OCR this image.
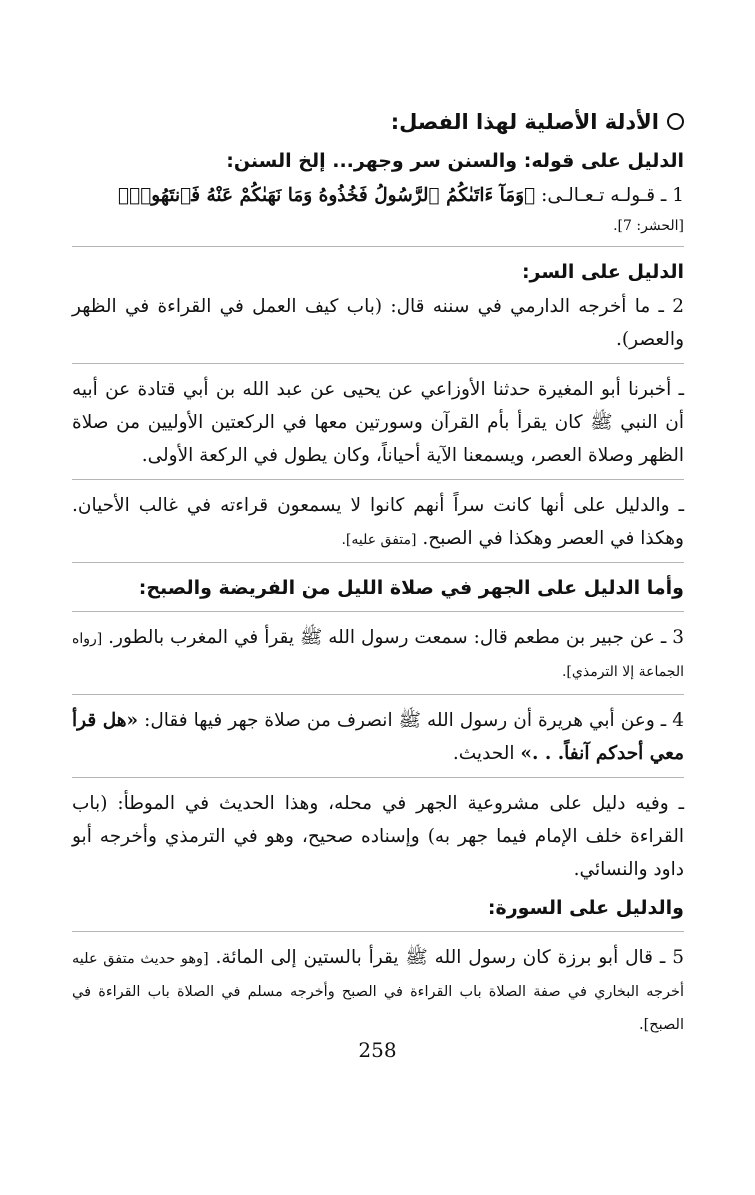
الأدلة الأصلية لهذا الفصل:
الدليل على قوله: والسنن سر وجهر... إلخ السنن:
1 ـ قـولـه تـعـالـى: ﴿وَمَآ ءَاتَىٰكُمُ ٱلرَّسُولُ فَخُذُوهُ وَمَا نَهَىٰكُمْ عَنْهُ فَٱنتَهُوا۟﴾
[الحشر: 7].
الدليل على السر:
2 ـ ما أخرجه الدارمي في سننه قال: (باب كيف العمل في القراءة في الظهر والعصر).
ـ أخبرنا أبو المغيرة حدثنا الأوزاعي عن يحيى عن عبد الله بن أبي قتادة عن أبيه أن النبي ﷺ كان يقرأ بأم القرآن وسورتين معها في الركعتين الأوليين من صلاة الظهر وصلاة العصر، ويسمعنا الآية أحياناً، وكان يطول في الركعة الأولى.
ـ والدليل على أنها كانت سراً أنهم كانوا لا يسمعون قراءته في غالب الأحيان. وهكذا في العصر وهكذا في الصبح. [متفق عليه].
وأما الدليل على الجهر في صلاة الليل من الفريضة والصبح:
3 ـ عن جبير بن مطعم قال: سمعت رسول الله ﷺ يقرأ في المغرب بالطور. [رواه الجماعة إلا الترمذي].
4 ـ وعن أبي هريرة أن رسول الله ﷺ انصرف من صلاة جهر فيها فقال: «هل قرأ معي أحدكم آنفاً. . .» الحديث.
ـ وفيه دليل على مشروعية الجهر في محله، وهذا الحديث في الموطأ: (باب القراءة خلف الإمام فيما جهر به) وإسناده صحيح، وهو في الترمذي وأخرجه أبو داود والنسائي.
والدليل على السورة:
5 ـ قال أبو برزة كان رسول الله ﷺ يقرأ بالستين إلى المائة. [وهو حديث متفق عليه أخرجه البخاري في صفة الصلاة باب القراءة في الصبح وأخرجه مسلم في الصلاة باب القراءة في الصبح].
258
